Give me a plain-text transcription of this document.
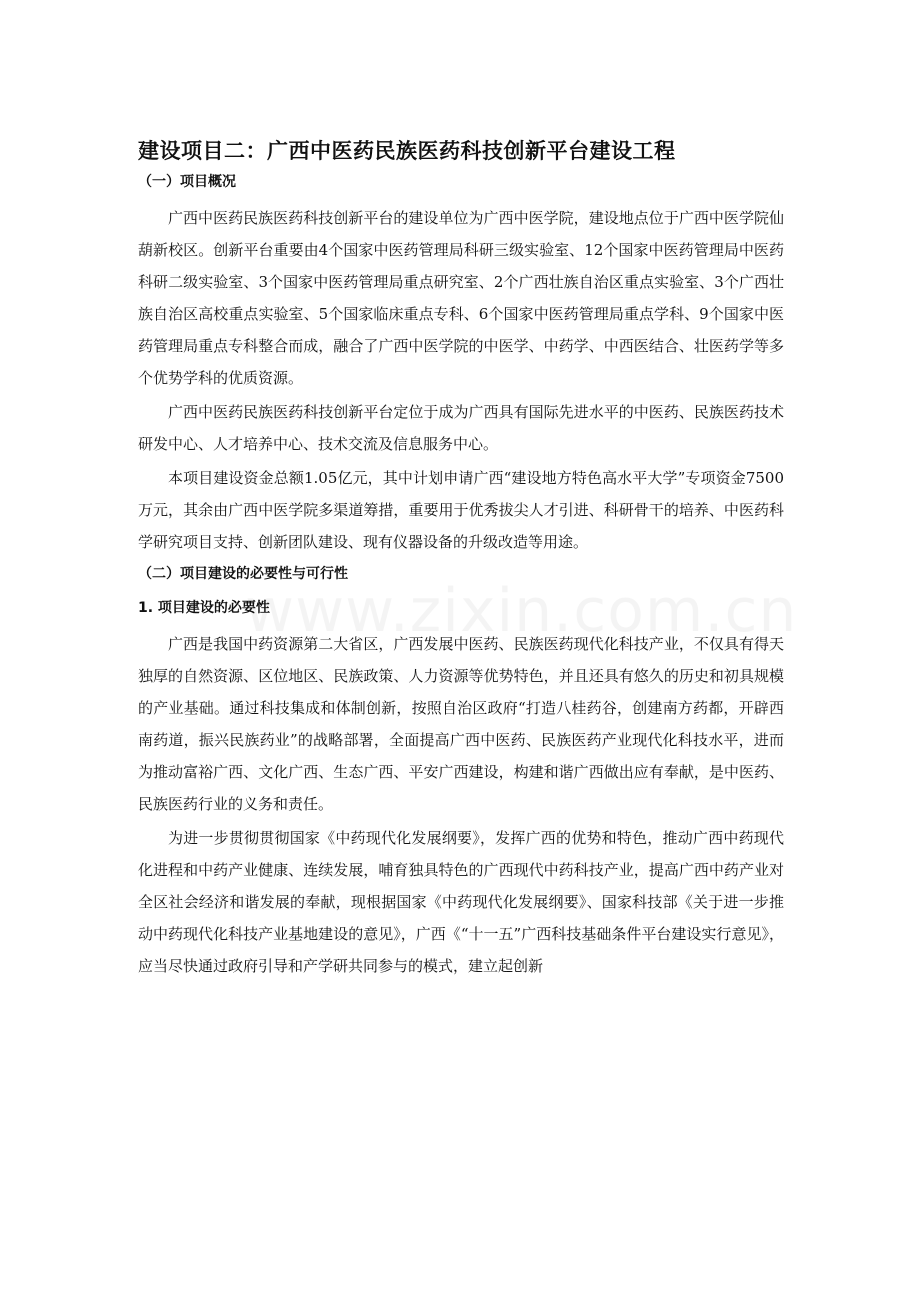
建设项目二：广西中医药民族医药科技创新平台建设工程
（一）项目概况

广西中医药民族医药科技创新平台的建设单位为广西中医学院，建设地点位于广西中医学院仙葫新校区。创新平台重要由4个国家中医药管理局科研三级实验室、12个国家中医药管理局中医药科研二级实验室、3个国家中医药管理局重点研究室、2个广西壮族自治区重点实验室、3个广西壮族自治区高校重点实验室、5个国家临床重点专科、6个国家中医药管理局重点学科、9个国家中医药管理局重点专科整合而成，融合了广西中医学院的中医学、中药学、中西医结合、壮医药学等多个优势学科的优质资源。

广西中医药民族医药科技创新平台定位于成为广西具有国际先进水平的中医药、民族医药技术研发中心、人才培养中心、技术交流及信息服务中心。

本项目建设资金总额1.05亿元，其中计划申请广西“建设地方特色高水平大学”专项资金7500万元，其余由广西中医学院多渠道筹措，重要用于优秀拔尖人才引进、科研骨干的培养、中医药科学研究项目支持、创新团队建设、现有仪器设备的升级改造等用途。

（二）项目建设的必要性与可行性
1. 项目建设的必要性

广西是我国中药资源第二大省区，广西发展中医药、民族医药现代化科技产业，不仅具有得天独厚的自然资源、区位地区、民族政策、人力资源等优势特色，并且还具有悠久的历史和初具规模的产业基础。通过科技集成和体制创新，按照自治区政府“打造八桂药谷，创建南方药都，开辟西南药道，振兴民族药业”的战略部署，全面提高广西中医药、民族医药产业现代化科技水平，进而为推动富裕广西、文化广西、生态广西、平安广西建设，构建和谐广西做出应有奉献，是中医药、民族医药行业的义务和责任。

为进一步贯彻贯彻国家《中药现代化发展纲要》，发挥广西的优势和特色，推动广西中药现代化进程和中药产业健康、连续发展，哺育独具特色的广西现代中药科技产业，提高广西中药产业对全区社会经济和谐发展的奉献，现根据国家《中药现代化发展纲要》、国家科技部《关于进一步推动中药现代化科技产业基地建设的意见》，广西《“十一五”广西科技基础条件平台建设实行意见》，应当尽快通过政府引导和产学研共同参与的模式，建立起创新
